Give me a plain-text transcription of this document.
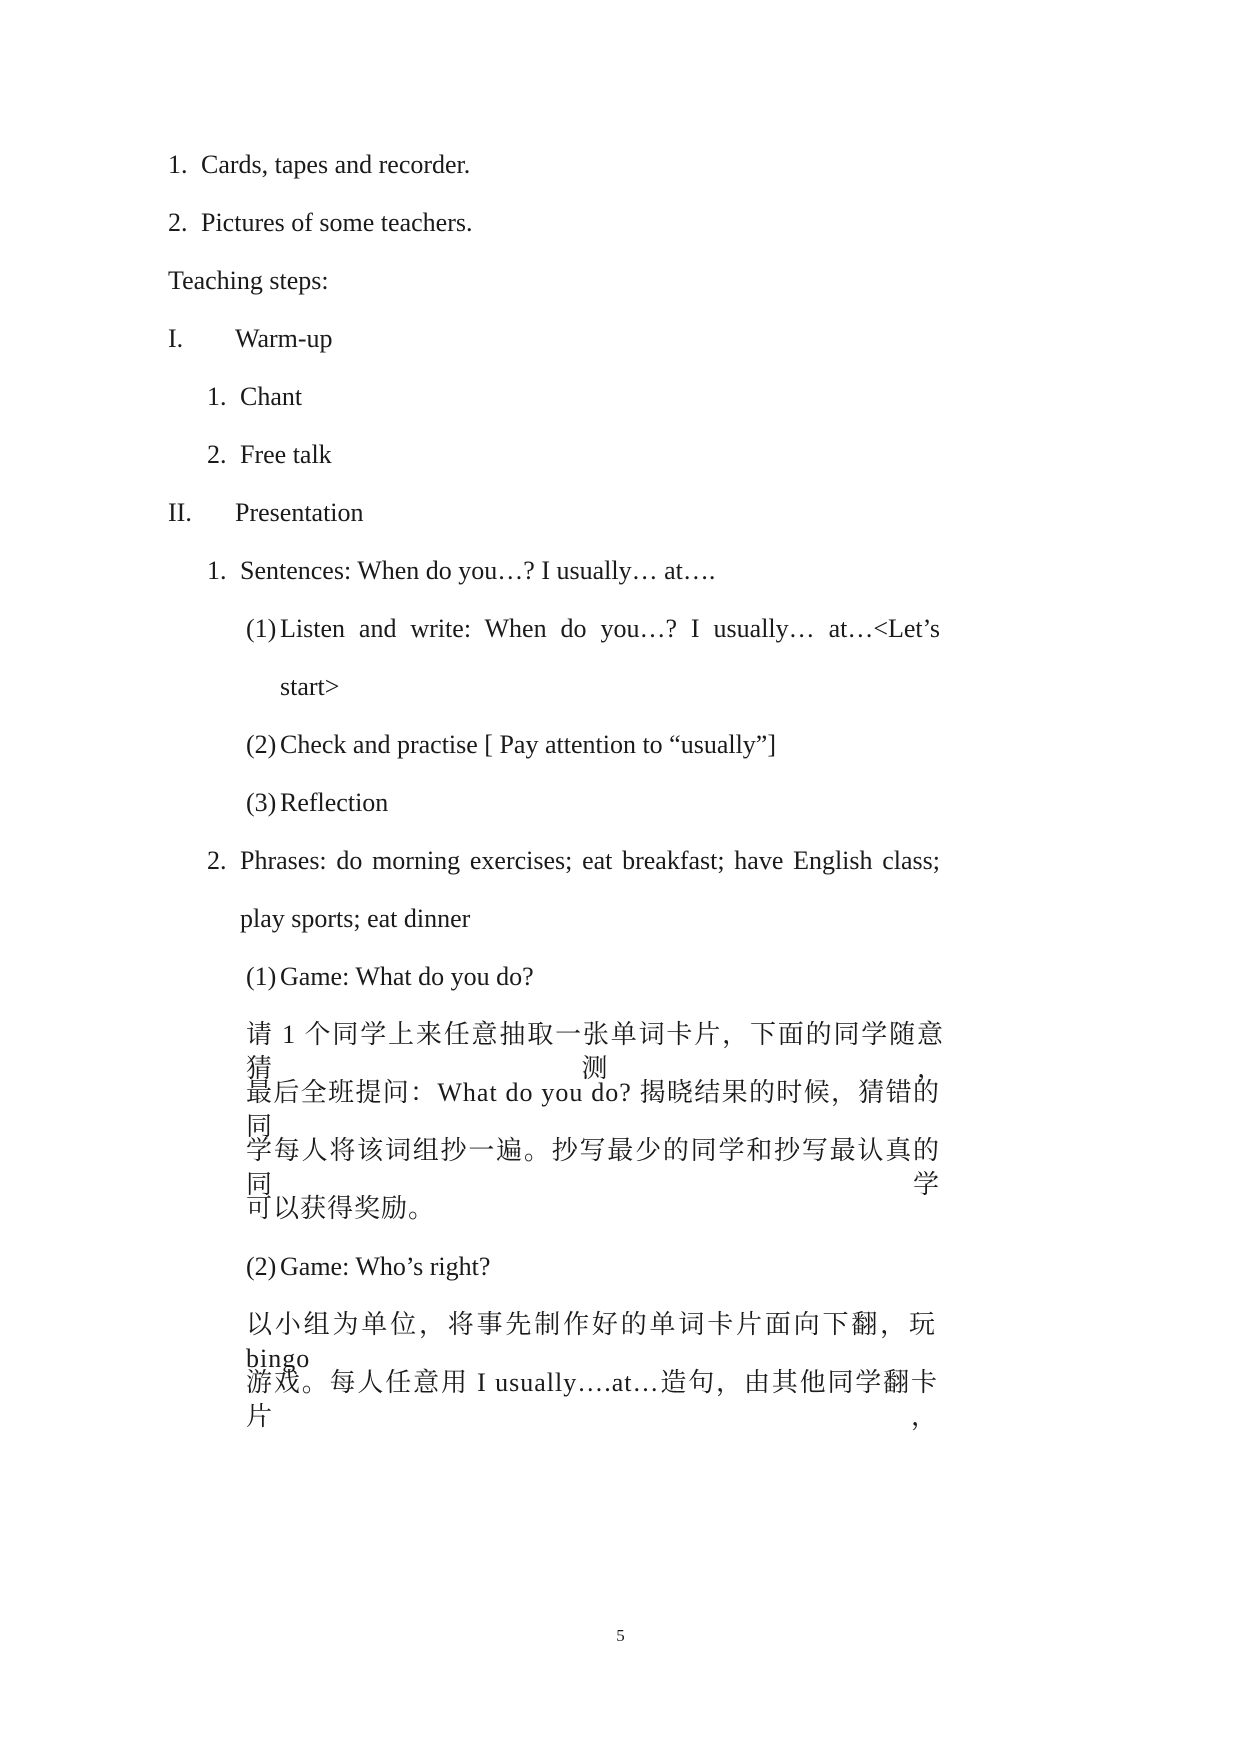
1. Cards, tapes and recorder.
2. Pictures of some teachers.

Teaching steps:

I. Warm-up
1. Chant
2. Free talk
II. Presentation
1. Sentences: When do you…? I usually… at….
(1) Listen and write: When do you…? I usually… at…<Let’s
start>
(2) Check and practise [ Pay attention to “usually”]
(3) Reflection
2. Phrases: do morning exercises; eat breakfast; have English class;
play sports; eat dinner
(1) Game: What do you do?
请 1 个同学上来任意抽取一张单词卡片，下面的同学随意猜测，
最后全班提问：What do you do? 揭晓结果的时候，猜错的同
学每人将该词组抄一遍。抄写最少的同学和抄写最认真的同学
可以获得奖励。
(2) Game: Who’s right?
以小组为单位，将事先制作好的单词卡片面向下翻，玩 bingo
游戏。每人任意用 I usually….at…造句，由其他同学翻卡片，
5
